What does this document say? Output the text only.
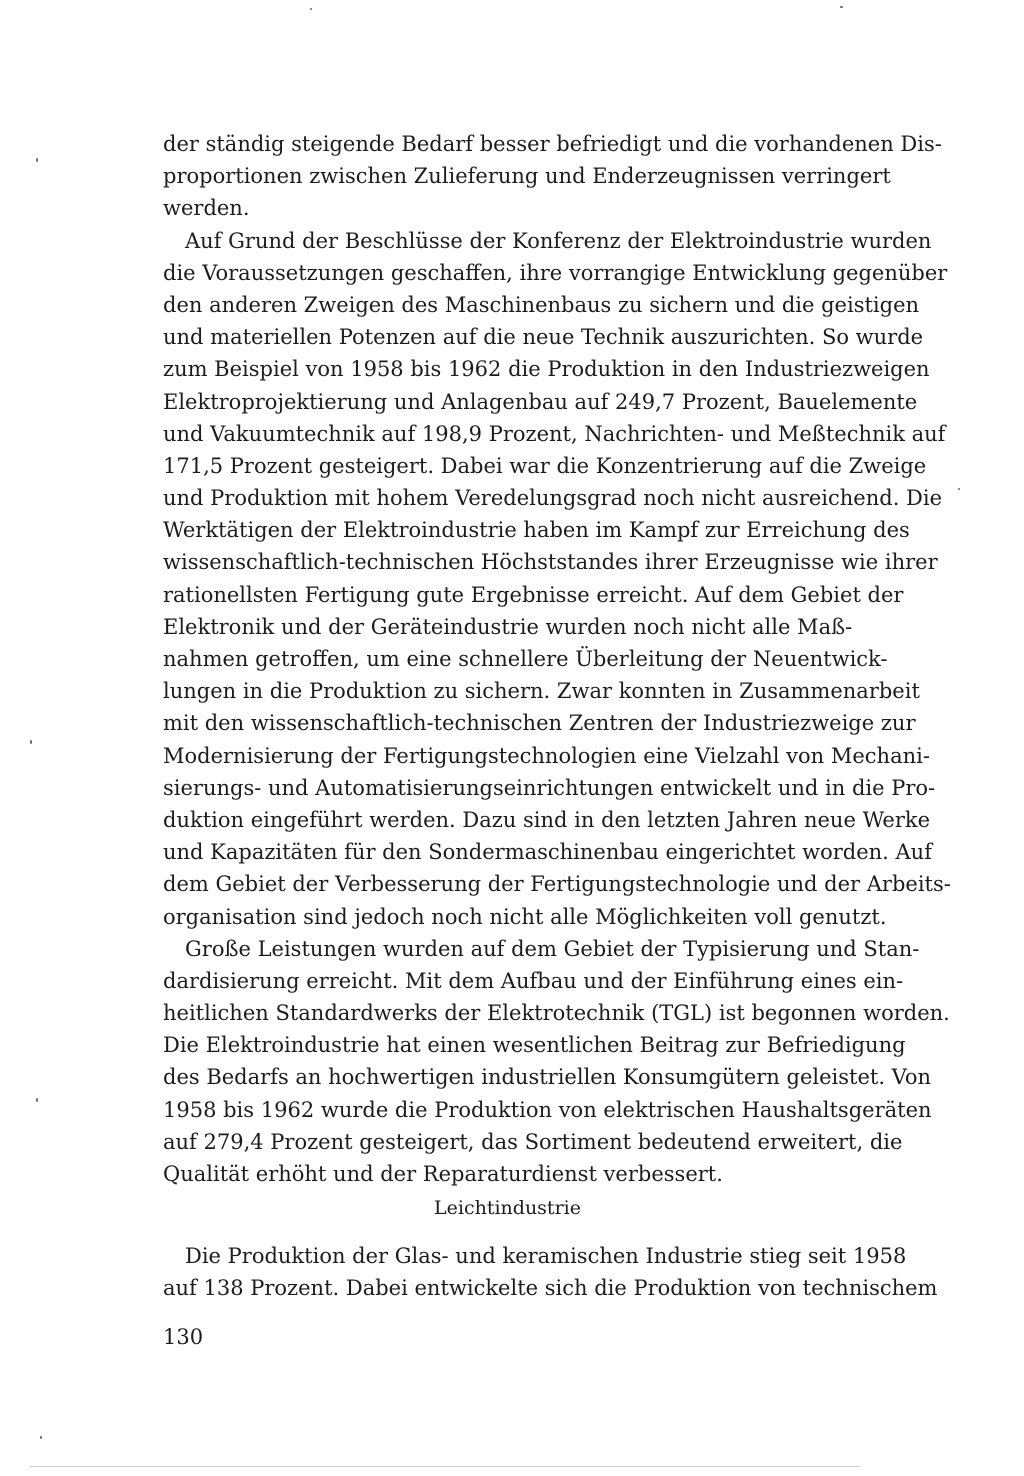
der ständig steigende Bedarf besser befriedigt und die vorhandenen Dis-
proportionen zwischen Zulieferung und Enderzeugnissen verringert
werden.
Auf Grund der Beschlüsse der Konferenz der Elektroindustrie wurden
die Voraussetzungen geschaffen, ihre vorrangige Entwicklung gegenüber
den anderen Zweigen des Maschinenbaus zu sichern und die geistigen
und materiellen Potenzen auf die neue Technik auszurichten. So wurde
zum Beispiel von 1958 bis 1962 die Produktion in den Industriezweigen
Elektroprojektierung und Anlagenbau auf 249,7 Prozent, Bauelemente
und Vakuumtechnik auf 198,9 Prozent, Nachrichten- und Meßtechnik auf
171,5 Prozent gesteigert. Dabei war die Konzentrierung auf die Zweige
und Produktion mit hohem Veredelungsgrad noch nicht ausreichend. Die
Werktätigen der Elektroindustrie haben im Kampf zur Erreichung des
wissenschaftlich-technischen Höchststandes ihrer Erzeugnisse wie ihrer
rationellsten Fertigung gute Ergebnisse erreicht. Auf dem Gebiet der
Elektronik und der Geräteindustrie wurden noch nicht alle Maß-
nahmen getroffen, um eine schnellere Überleitung der Neuentwick-
lungen in die Produktion zu sichern. Zwar konnten in Zusammenarbeit
mit den wissenschaftlich-technischen Zentren der Industriezweige zur
Modernisierung der Fertigungstechnologien eine Vielzahl von Mechani-
sierungs- und Automatisierungseinrichtungen entwickelt und in die Pro-
duktion eingeführt werden. Dazu sind in den letzten Jahren neue Werke
und Kapazitäten für den Sondermaschinenbau eingerichtet worden. Auf
dem Gebiet der Verbesserung der Fertigungstechnologie und der Arbeits-
organisation sind jedoch noch nicht alle Möglichkeiten voll genutzt.
Große Leistungen wurden auf dem Gebiet der Typisierung und Stan-
dardisierung erreicht. Mit dem Aufbau und der Einführung eines ein-
heitlichen Standardwerks der Elektrotechnik (TGL) ist begonnen worden.
Die Elektroindustrie hat einen wesentlichen Beitrag zur Befriedigung
des Bedarfs an hochwertigen industriellen Konsumgütern geleistet. Von
1958 bis 1962 wurde die Produktion von elektrischen Haushaltsgeräten
auf 279,4 Prozent gesteigert, das Sortiment bedeutend erweitert, die
Qualität erhöht und der Reparaturdienst verbessert.
Leichtindustrie
Die Produktion der Glas- und keramischen Industrie stieg seit 1958
auf 138 Prozent. Dabei entwickelte sich die Produktion von technischem
130
